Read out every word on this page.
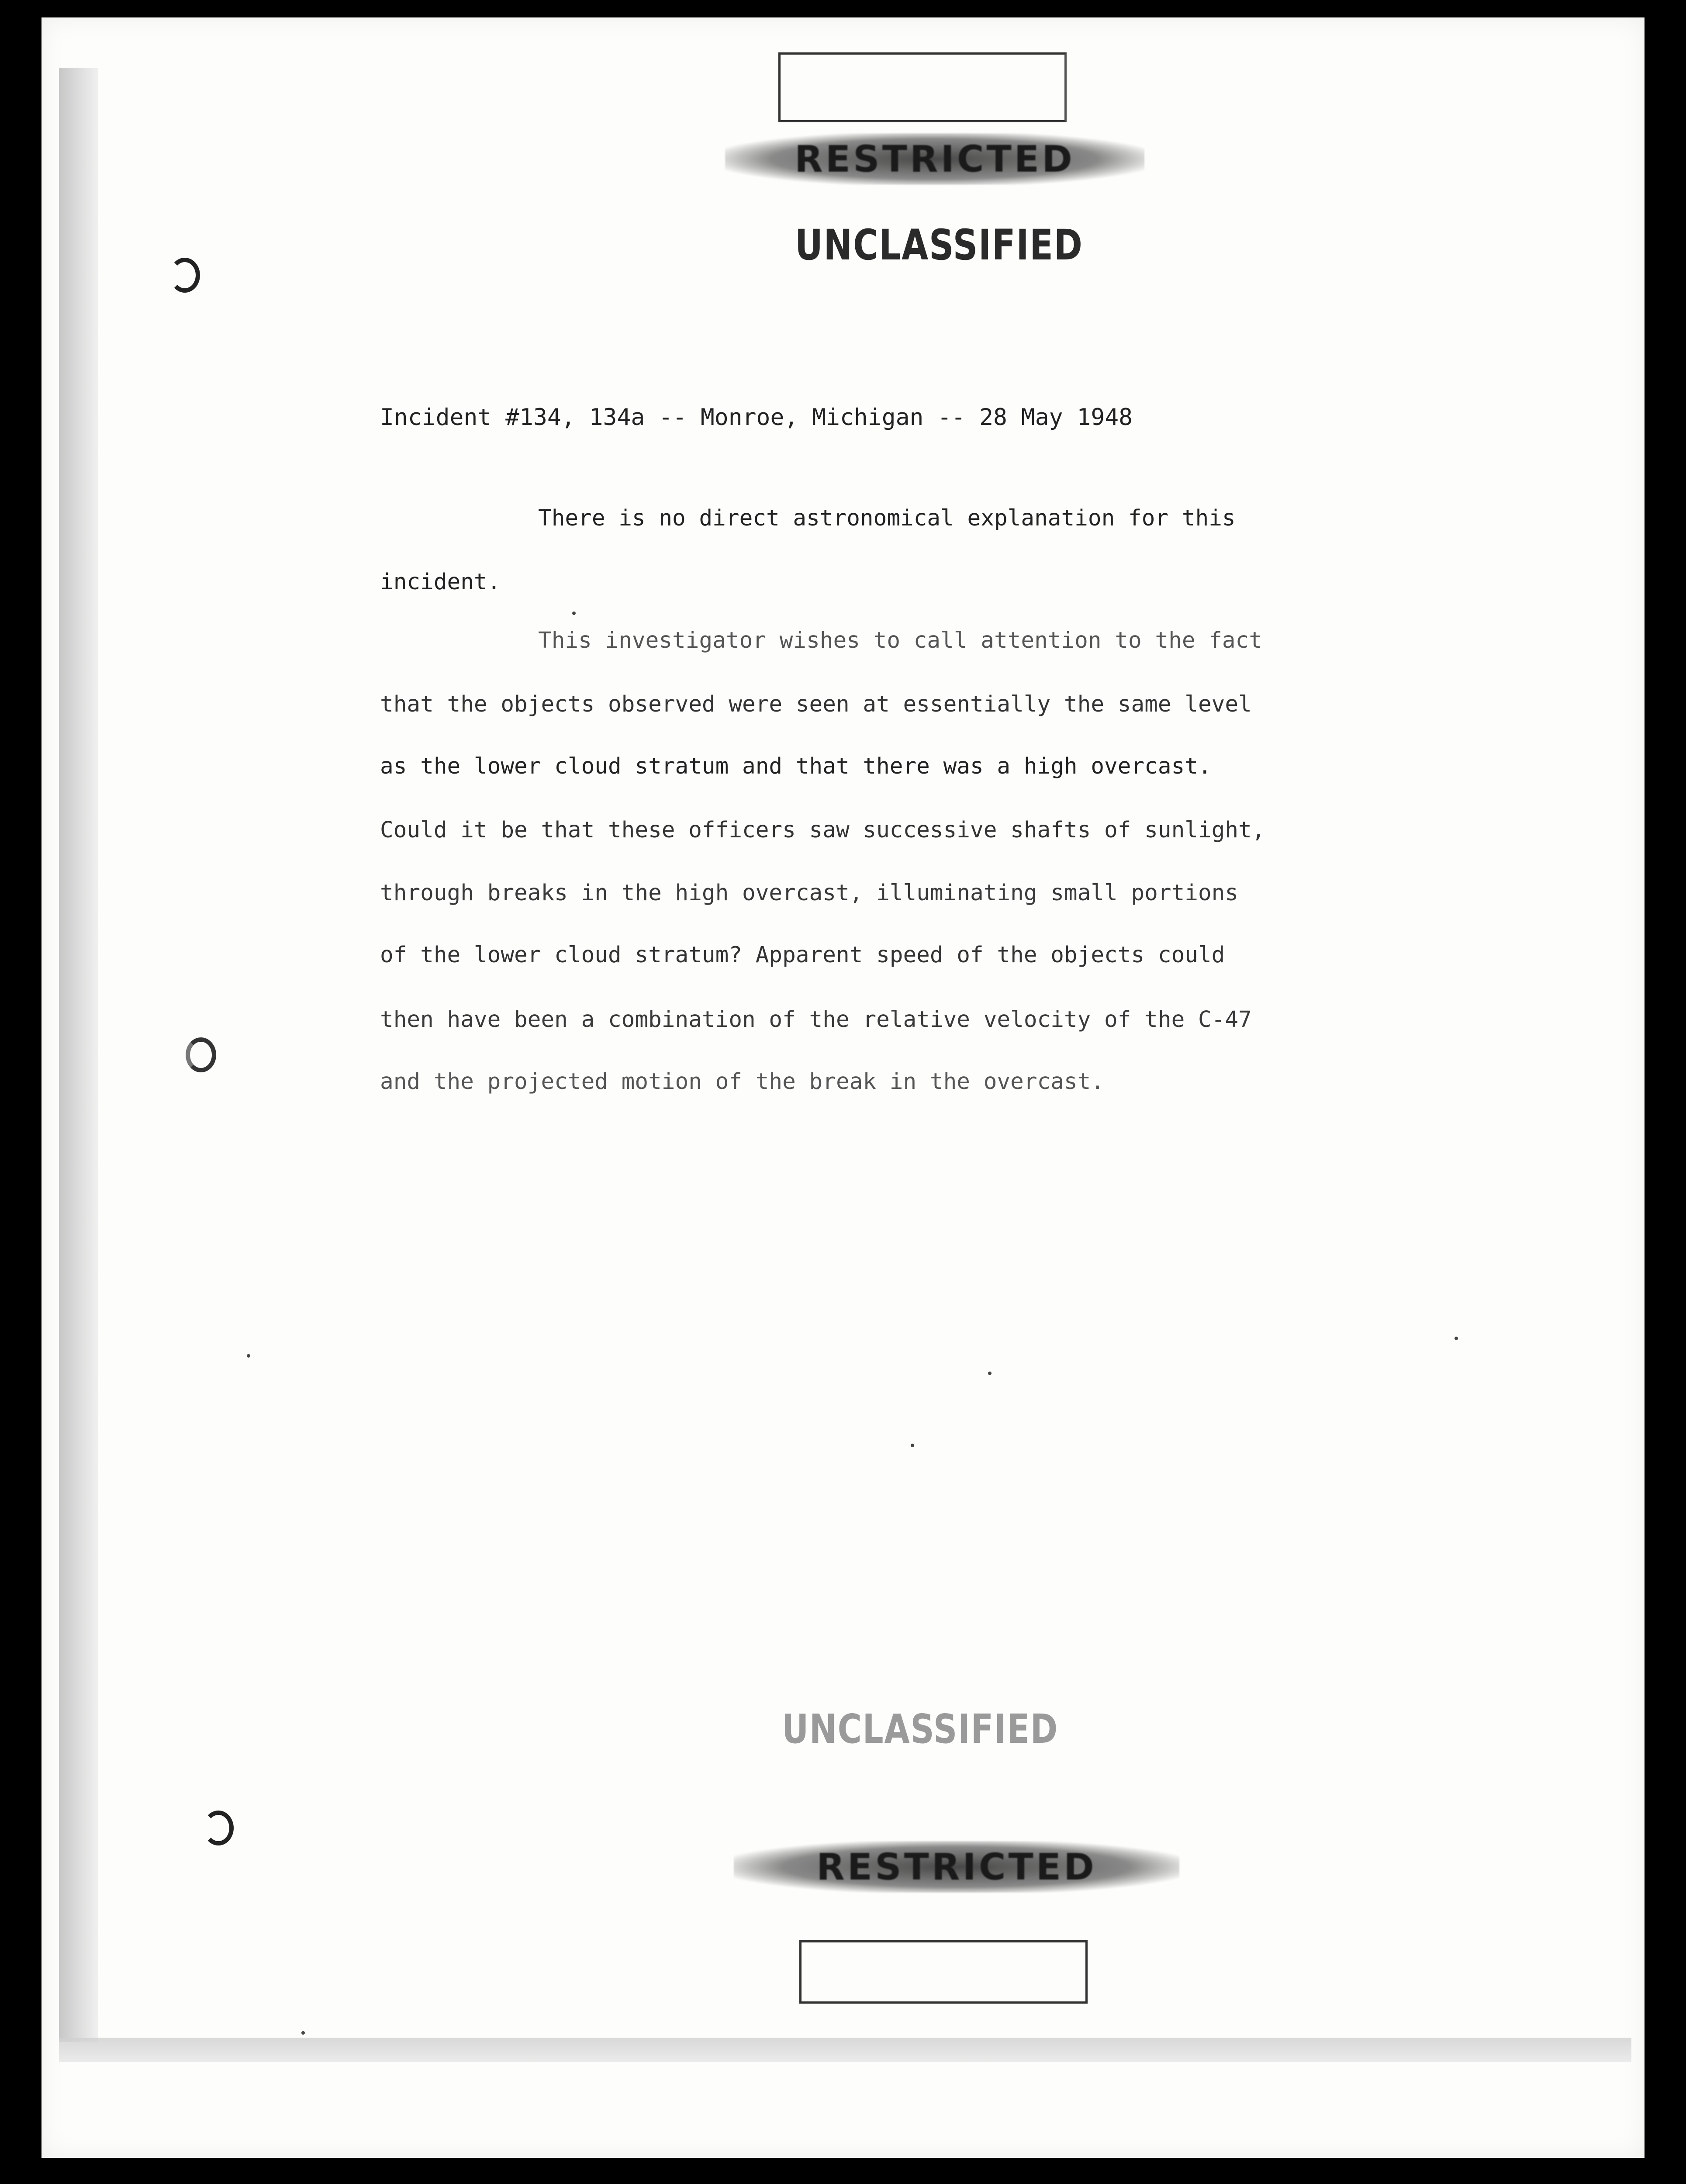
RESTRICTED
UNCLASSIFIED
Incident #134, 134a -- Monroe, Michigan -- 28 May 1948
There is no direct astronomical explanation for this
incident.
This investigator wishes to call attention to the fact
that the objects observed were seen at essentially the same level
as the lower cloud stratum and that there was a high overcast.
Could it be that these officers saw successive shafts of sunlight,
through breaks in the high overcast, illuminating small portions
of the lower cloud stratum? Apparent speed of the objects could
then have been a combination of the relative velocity of the C-47
and the projected motion of the break in the overcast.
UNCLASSIFIED
RESTRICTED
